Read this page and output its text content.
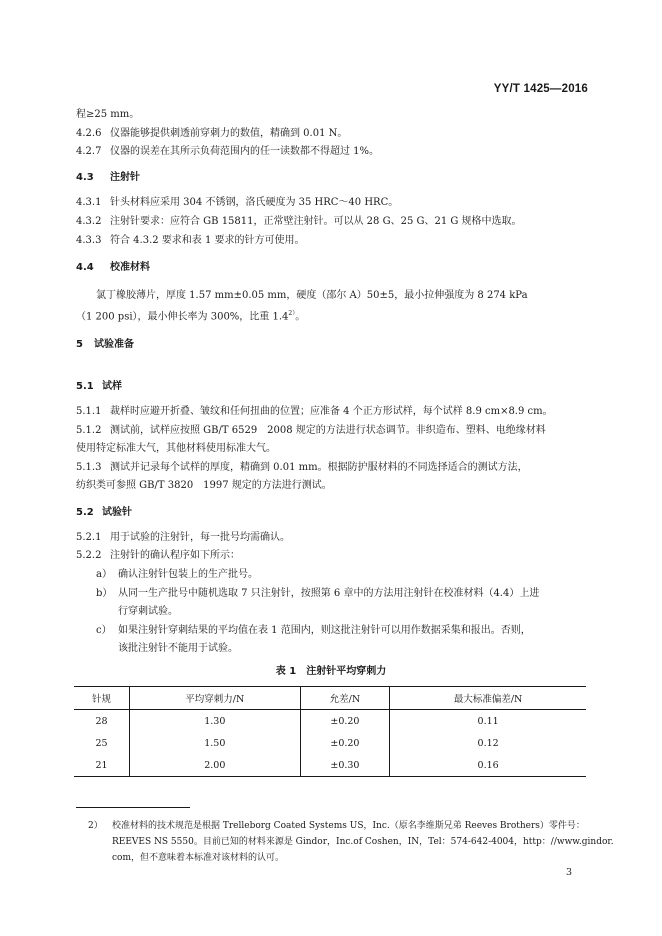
YY/T 1425—2016
程≥25 mm。
4.2.6 仪器能够提供刺透前穿刺力的数值，精确到 0.01 N。
4.2.7 仪器的误差在其所示负荷范围内的任一读数都不得超过 1%。
4.3 注射针
4.3.1 针头材料应采用 304 不锈钢，洛氏硬度为 35 HRC～40 HRC。
4.3.2 注射针要求：应符合 GB 15811，正常壁注射针。可以从 28 G、25 G、21 G 规格中选取。
4.3.3 符合 4.3.2 要求和表 1 要求的针方可使用。
4.4 校准材料
氯丁橡胶薄片，厚度 1.57 mm±0.05 mm，硬度（邵尔 A）50±5，最小拉伸强度为 8 274 kPa
（1 200 psi），最小伸长率为 300%，比重 $1.4^{2)}$。
5 试验准备
5.1 试样
5.1.1 裁样时应避开折叠、皱纹和任何扭曲的位置；应准备 4 个正方形试样，每个试样 8.9 cm×8.9 cm。
5.1.2 测试前，试样应按照 GB/T 6529　2008 规定的方法进行状态调节。非织造布、塑料、电绝缘材料
使用特定标准大气，其他材料使用标准大气。
5.1.3 测试并记录每个试样的厚度，精确到 0.01 mm。根据防护服材料的不同选择适合的测试方法，
纺织类可参照 GB/T 3820　1997 规定的方法进行测试。
5.2 试验针
5.2.1 用于试验的注射针，每一批号均需确认。
5.2.2 注射针的确认程序如下所示：
a） 确认注射针包装上的生产批号。
b） 从同一生产批号中随机选取 7 只注射针，按照第 6 章中的方法用注射针在校准材料（4.4）上进
行穿刺试验。
c） 如果注射针穿刺结果的平均值在表 1 范围内，则这批注射针可以用作数据采集和报出。否则，
该批注射针不能用于试验。
表 1　注射针平均穿刺力
针规	平均穿刺力/N	允差/N	最大标准偏差/N
28	1.30	±0.20	0.11
25	1.50	±0.20	0.12
21	2.00	±0.30	0.16
2） 校准材料的技术规范是根据 Trelleborg Coated Systems US，Inc.（原名李维斯兄弟 Reeves Brothers）零件号：
REEVES NS 5550。目前已知的材料来源是 Gindor，Inc.of Coshen，IN，Tel：574-642-4004，http：//www.gindor.
com，但不意味着本标准对该材料的认可。
3
